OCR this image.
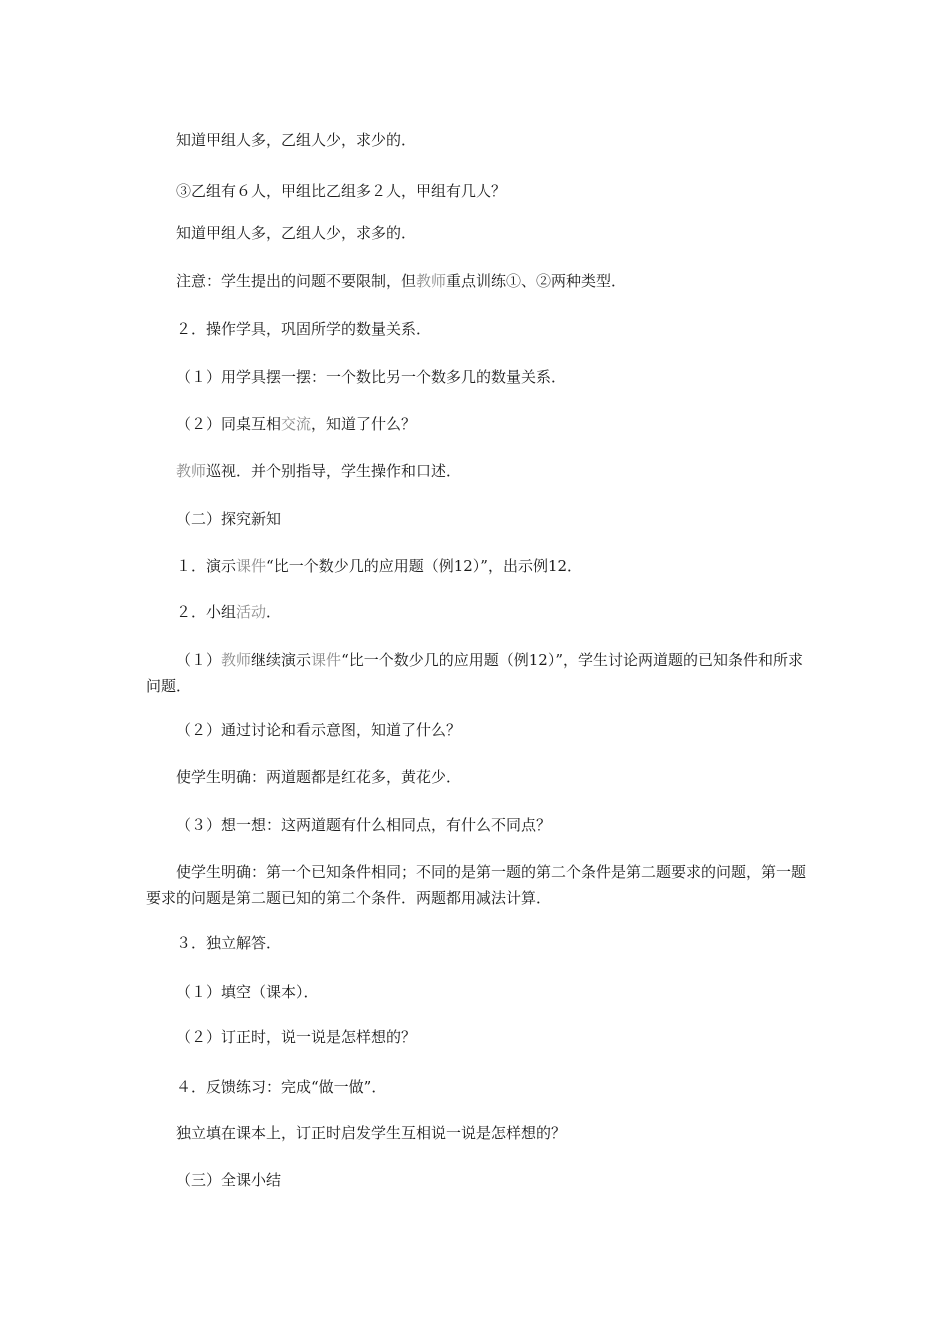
知道甲组人多，乙组人少，求少的．

③乙组有６人，甲组比乙组多２人，甲组有几人？

知道甲组人多，乙组人少，求多的．

注意：学生提出的问题不要限制，但教师重点训练①、②两种类型．

２．操作学具，巩固所学的数量关系．

（１）用学具摆一摆：一个数比另一个数多几的数量关系．

（２）同桌互相交流，知道了什么？

教师巡视．并个别指导，学生操作和口述．

（二）探究新知

１．演示课件“比一个数少几的应用题（例12）”，出示例12．

２．小组活动．

（１）教师继续演示课件“比一个数少几的应用题（例12）”，学生讨论两道题的已知条件和所求问题．

（２）通过讨论和看示意图，知道了什么？

使学生明确：两道题都是红花多，黄花少．

（３）想一想：这两道题有什么相同点，有什么不同点？

使学生明确：第一个已知条件相同；不同的是第一题的第二个条件是第二题要求的问题，第一题要求的问题是第二题已知的第二个条件．两题都用减法计算．

３．独立解答．

（１）填空（课本）．

（２）订正时，说一说是怎样想的？

４．反馈练习：完成“做一做”．

独立填在课本上，订正时启发学生互相说一说是怎样想的？

（三）全课小结
